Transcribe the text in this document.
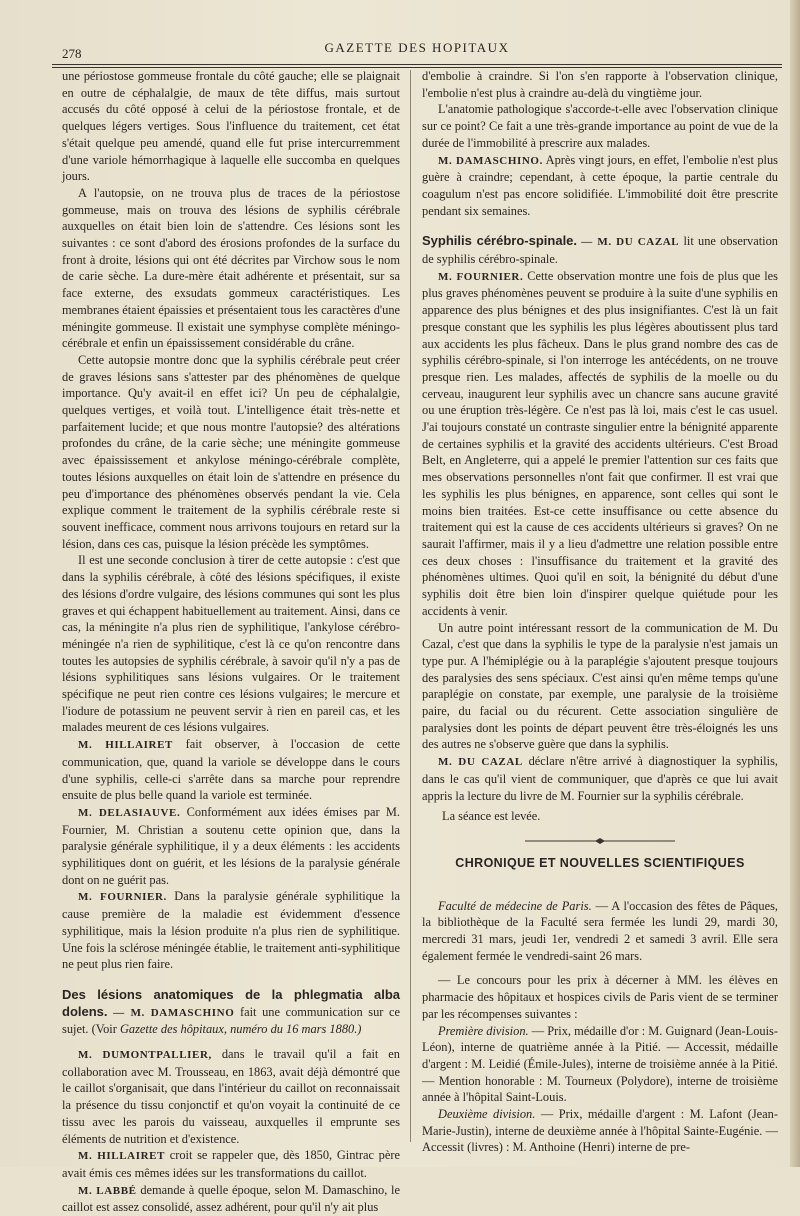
278	GAZETTE DES HOPITAUX

une périostose gommeuse frontale du côté gauche; elle se plaignait en outre de céphalalgie, de maux de tête diffus, mais surtout accusés du côté opposé à celui de la périostose frontale, et de quelques légers vertiges. Sous l'influence du traitement, cet état s'était quelque peu amendé, quand elle fut prise intercurremment d'une variole hémorrhagique à laquelle elle succomba en quelques jours.

A l'autopsie, on ne trouva plus de traces de la périostose gommeuse, mais on trouva des lésions de syphilis cérébrale auxquelles on était bien loin de s'attendre. Ces lésions sont les suivantes : ce sont d'abord des érosions profondes de la surface du front à droite, lésions qui ont été décrites par Virchow sous le nom de carie sèche. La dure-mère était adhérente et présentait, sur sa face externe, des exsudats gommeux caractéristiques. Les membranes étaient épaissies et présentaient tous les caractères d'une méningite gommeuse. Il existait une symphyse complète méningo-cérébrale et enfin un épaississement considérable du crâne.

Cette autopsie montre donc que la syphilis cérébrale peut créer de graves lésions sans s'attester par des phénomènes de quelque importance. Qu'y avait-il en effet ici? Un peu de céphalalgie, quelques vertiges, et voilà tout. L'intelligence était très-nette et parfaitement lucide; et que nous montre l'autopsie? des altérations profondes du crâne, de la carie sèche; une méningite gommeuse avec épaississement et ankylose méningo-cérébrale complète, toutes lésions auxquelles on était loin de s'attendre en présence du peu d'importance des phénomènes observés pendant la vie. Cela explique comment le traitement de la syphilis cérébrale reste si souvent inefficace, comment nous arrivons toujours en retard sur la lésion, dans ces cas, puisque la lésion précède les symptômes.

Il est une seconde conclusion à tirer de cette autopsie : c'est que dans la syphilis cérébrale, à côté des lésions spécifiques, il existe des lésions d'ordre vulgaire, des lésions communes qui sont les plus graves et qui échappent habituellement au traitement. Ainsi, dans ce cas, la méningite n'a plus rien de syphilitique, l'ankylose cérébro-méningée n'a rien de syphilitique, c'est là ce qu'on rencontre dans toutes les autopsies de syphilis cérébrale, à savoir qu'il n'y a pas de lésions syphilitiques sans lésions vulgaires. Or le traitement spécifique ne peut rien contre ces lésions vulgaires; le mercure et l'iodure de potassium ne peuvent servir à rien en pareil cas, et les malades meurent de ces lésions vulgaires.

M. HILLAIRET fait observer, à l'occasion de cette communication, que, quand la variole se développe dans le cours d'une syphilis, celle-ci s'arrête dans sa marche pour reprendre ensuite de plus belle quand la variole est terminée.

M. DELASIAUVE. Conformément aux idées émises par M. Fournier, M. Christian a soutenu cette opinion que, dans la paralysie générale syphilitique, il y a deux éléments : les accidents syphilitiques dont on guérit, et les lésions de la paralysie générale dont on ne guérit pas.

M. FOURNIER. Dans la paralysie générale syphilitique la cause première de la maladie est évidemment d'essence syphilitique, mais la lésion produite n'a plus rien de syphilitique. Une fois la sclérose méningée établie, le traitement anti-syphilitique ne peut plus rien faire.

Des lésions anatomiques de la phlegmatia alba dolens. — M. DAMASCHINO fait une communication sur ce sujet. (Voir Gazette des hôpitaux, numéro du 16 mars 1880.)

M. DUMONTPALLIER, dans le travail qu'il a fait en collaboration avec M. Trousseau, en 1863, avait déjà démontré que le caillot s'organisait, que dans l'intérieur du caillot on reconnaissait la présence du tissu conjonctif et qu'on voyait la continuité de ce tissu avec les parois du vaisseau, auxquelles il emprunte ses éléments de nutrition et d'existence.

M. HILLAIRET croit se rappeler que, dès 1850, Gintrac père avait émis ces mêmes idées sur les transformations du caillot.

M. LABBÉ demande à quelle époque, selon M. Damaschino, le caillot est assez consolidé, assez adhérent, pour qu'il n'y ait plus

d'embolie à craindre. Si l'on s'en rapporte à l'observation clinique, l'embolie n'est plus à craindre au-delà du vingtième jour.

L'anatomie pathologique s'accorde-t-elle avec l'observation clinique sur ce point? Ce fait a une très-grande importance au point de vue de la durée de l'immobilité à prescrire aux malades.

M. DAMASCHINO. Après vingt jours, en effet, l'embolie n'est plus guère à craindre; cependant, à cette époque, la partie centrale du coagulum n'est pas encore solidifiée. L'immobilité doit être prescrite pendant six semaines.

Syphilis cérébro-spinale. — M. DU CAZAL lit une observation de syphilis cérébro-spinale.

M. FOURNIER. Cette observation montre une fois de plus que les plus graves phénomènes peuvent se produire à la suite d'une syphilis en apparence des plus bénignes et des plus insignifiantes. C'est là un fait presque constant que les syphilis les plus légères aboutissent plus tard aux accidents les plus fâcheux. Dans le plus grand nombre des cas de syphilis cérébro-spinale, si l'on interroge les antécédents, on ne trouve presque rien. Les malades, affectés de syphilis de la moelle ou du cerveau, inaugurent leur syphilis avec un chancre sans aucune gravité ou une éruption très-légère. Ce n'est pas là loi, mais c'est le cas usuel. J'ai toujours constaté un contraste singulier entre la bénignité apparente de certaines syphilis et la gravité des accidents ultérieurs. C'est Broad Belt, en Angleterre, qui a appelé le premier l'attention sur ces faits que mes observations personnelles n'ont fait que confirmer. Il est vrai que les syphilis les plus bénignes, en apparence, sont celles qui sont le moins bien traitées. Est-ce cette insuffisance ou cette absence du traitement qui est la cause de ces accidents ultérieurs si graves? On ne saurait l'affirmer, mais il y a lieu d'admettre une relation possible entre ces deux choses : l'insuffisance du traitement et la gravité des phénomènes ultimes. Quoi qu'il en soit, la bénignité du début d'une syphilis doit être bien loin d'inspirer quelque quiétude pour les accidents à venir.

Un autre point intéressant ressort de la communication de M. Du Cazal, c'est que dans la syphilis le type de la paralysie n'est jamais un type pur. A l'hémiplégie ou à la paraplégie s'ajoutent presque toujours des paralysies des sens spéciaux. C'est ainsi qu'en même temps qu'une paraplégie on constate, par exemple, une paralysie de la troisième paire, du facial ou du récurent. Cette association singulière de paralysies dont les points de départ peuvent être très-éloignés les uns des autres ne s'observe guère que dans la syphilis.

M. DU CAZAL déclare n'être arrivé à diagnostiquer la syphilis, dans le cas qu'il vient de communiquer, que d'après ce que lui avait appris la lecture du livre de M. Fournier sur la syphilis cérébrale.

La séance est levée.

CHRONIQUE ET NOUVELLES SCIENTIFIQUES

Faculté de médecine de Paris. — A l'occasion des fêtes de Pâques, la bibliothèque de la Faculté sera fermée les lundi 29, mardi 30, mercredi 31 mars, jeudi 1er, vendredi 2 et samedi 3 avril. Elle sera également fermée le vendredi-saint 26 mars.

— Le concours pour les prix à décerner à MM. les élèves en pharmacie des hôpitaux et hospices civils de Paris vient de se terminer par les récompenses suivantes :

Première division. — Prix, médaille d'or : M. Guignard (Jean-Louis-Léon), interne de quatrième année à la Pitié. — Accessit, médaille d'argent : M. Leidié (Émile-Jules), interne de troisième année à la Pitié. — Mention honorable : M. Tourneux (Polydore), interne de troisième année à l'hôpital Saint-Louis.

Deuxième division. — Prix, médaille d'argent : M. Lafont (Jean-Marie-Justin), interne de deuxième année à l'hôpital Sainte-Eugénie. — Accessit (livres) : M. Anthoine (Henri) interne de pre-
